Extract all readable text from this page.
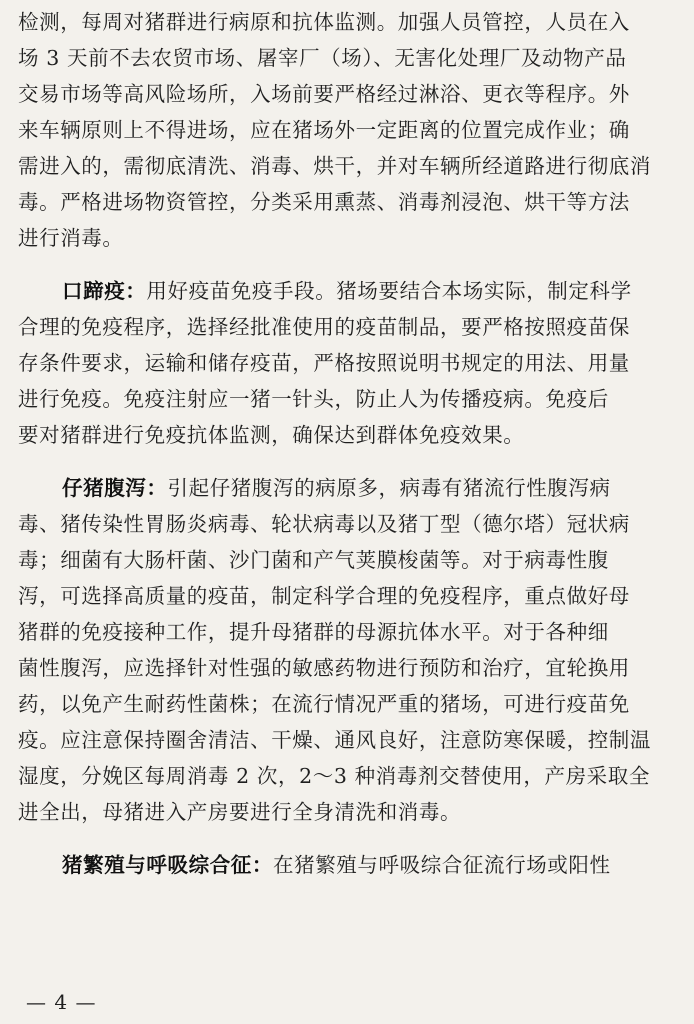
检测，每周对猪群进行病原和抗体监测。加强人员管控，人员在入
场 3 天前不去农贸市场、屠宰厂（场）、无害化处理厂及动物产品
交易市场等高风险场所，入场前要严格经过淋浴、更衣等程序。外
来车辆原则上不得进场，应在猪场外一定距离的位置完成作业；确
需进入的，需彻底清洗、消毒、烘干，并对车辆所经道路进行彻底消
毒。严格进场物资管控，分类采用熏蒸、消毒剂浸泡、烘干等方法
进行消毒。
口蹄疫：用好疫苗免疫手段。猪场要结合本场实际，制定科学
合理的免疫程序，选择经批准使用的疫苗制品，要严格按照疫苗保
存条件要求，运输和储存疫苗，严格按照说明书规定的用法、用量
进行免疫。免疫注射应一猪一针头，防止人为传播疫病。免疫后
要对猪群进行免疫抗体监测，确保达到群体免疫效果。
仔猪腹泻：引起仔猪腹泻的病原多，病毒有猪流行性腹泻病
毒、猪传染性胃肠炎病毒、轮状病毒以及猪丁型（德尔塔）冠状病
毒；细菌有大肠杆菌、沙门菌和产气荚膜梭菌等。对于病毒性腹
泻，可选择高质量的疫苗，制定科学合理的免疫程序，重点做好母
猪群的免疫接种工作，提升母猪群的母源抗体水平。对于各种细
菌性腹泻，应选择针对性强的敏感药物进行预防和治疗，宜轮换用
药，以免产生耐药性菌株；在流行情况严重的猪场，可进行疫苗免
疫。应注意保持圈舍清洁、干燥、通风良好，注意防寒保暖，控制温
湿度，分娩区每周消毒 2 次，2～3 种消毒剂交替使用，产房采取全
进全出，母猪进入产房要进行全身清洗和消毒。
猪繁殖与呼吸综合征：在猪繁殖与呼吸综合征流行场或阳性
— 4 —
